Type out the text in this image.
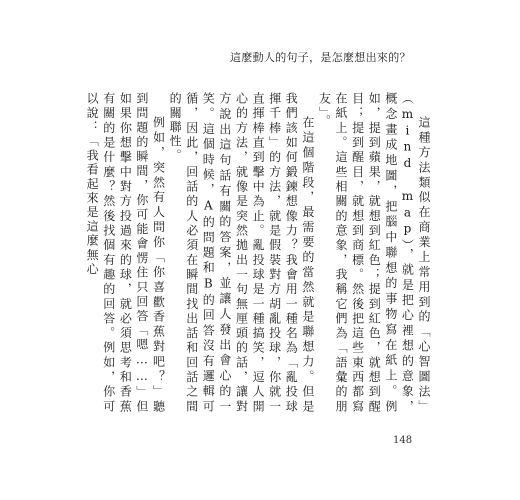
這麼動人的句子，是怎麼想出來的？

這種方法類似在商業上常用到的「心智圖法」（mind map），就是把心裡想的意象，概念畫成地圖，把腦中聯想的事物寫在紙上。例如，提到蘋果，就想到紅色；提到紅色，就想到醒目；提到醒目，就想到商標。然後把這些東西都寫在紙上。這些相關的意象，我稱它們為「語彙的朋友」。

在這個階段，最需要的當然就是聯想力。但是我們該如何鍛鍊想像力？我會用一種名為「亂投球揮千棒」的方法，就是假裝對方胡亂投球，你就一直揮棒直到擊中為止。亂投球是一種搞笑，逗人開心的方法，就像是突然拋出一句無厘頭的話，讓對方說出這句話有關的答案，並讓人發出會心的一笑。這個時候，A的問題和B的回答沒有邏輯可循，因此，回話的人必須在瞬間找出話和回話之間的關聯性。

例如，突然有人問你「你喜歡香蕉對吧？」聽到問題的瞬間，你可能會愣住只回答「嗯……」但如果你想擊中對方投過來的球，就必須思考和香蕉有關的是什麼？然後找個有趣的回答。例如，你可以說：「我看起來是這麼無心

148
